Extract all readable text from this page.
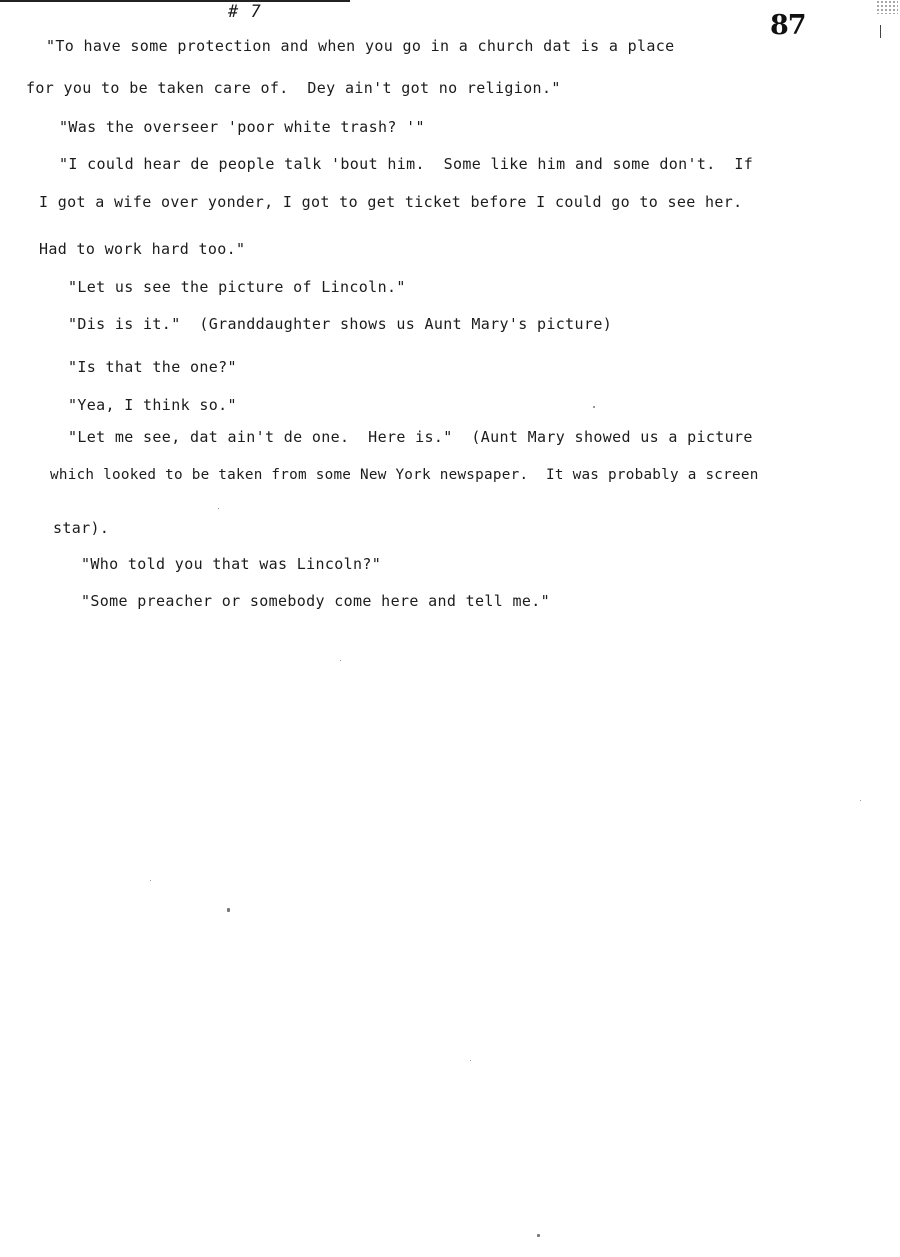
# 7	87
"To have some protection and when you go in a church dat is a place
for you to be taken care of.  Dey ain't got no religion."
"Was the overseer 'poor white trash? '"
"I could hear de people talk 'bout him.  Some like him and some don't.  If
I got a wife over yonder, I got to get ticket before I could go to see her.
Had to work hard too."
"Let us see the picture of Lincoln."
"Dis is it."  (Granddaughter shows us Aunt Mary's picture)
"Is that the one?"
"Yea, I think so."
"Let me see, dat ain't de one.  Here is."  (Aunt Mary showed us a picture
which looked to be taken from some New York newspaper.  It was probably a screen
star).
"Who told you that was Lincoln?"
"Some preacher or somebody come here and tell me."
